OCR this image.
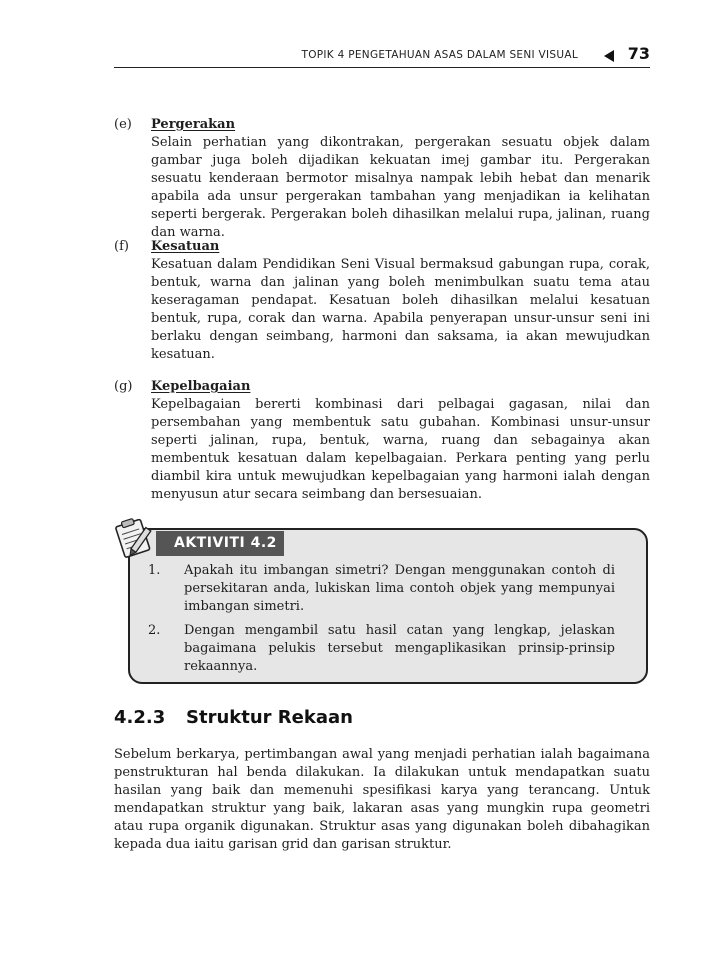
TOPIK 4 PENGETAHUAN ASAS DALAM SENI VISUAL	73
(e) Pergerakan
Selain perhatian yang dikontrakan, pergerakan sesuatu objek dalam gambar juga boleh dijadikan kekuatan imej gambar itu. Pergerakan sesuatu kenderaan bermotor misalnya nampak lebih hebat dan menarik apabila ada unsur pergerakan tambahan yang menjadikan ia kelihatan seperti bergerak. Pergerakan boleh dihasilkan melalui rupa, jalinan, ruang dan warna.
(f) Kesatuan
Kesatuan dalam Pendidikan Seni Visual bermaksud gabungan rupa, corak, bentuk, warna dan jalinan yang boleh menimbulkan suatu tema atau keseragaman pendapat. Kesatuan boleh dihasilkan melalui kesatuan bentuk, rupa, corak dan warna. Apabila penyerapan unsur-unsur seni ini berlaku dengan seimbang, harmoni dan saksama, ia akan mewujudkan kesatuan.
(g) Kepelbagaian
Kepelbagaian bererti kombinasi dari pelbagai gagasan, nilai dan persembahan yang membentuk satu gubahan. Kombinasi unsur-unsur seperti jalinan, rupa, bentuk, warna, ruang dan sebagainya akan membentuk kesatuan dalam kepelbagaian. Perkara penting yang perlu diambil kira untuk mewujudkan kepelbagaian yang harmoni ialah dengan menyusun atur secara seimbang dan bersesuaian.
AKTIVITI 4.2
1. Apakah itu imbangan simetri? Dengan menggunakan contoh di persekitaran anda, lukiskan lima contoh objek yang mempunyai imbangan simetri.
2. Dengan mengambil satu hasil catan yang lengkap, jelaskan bagaimana pelukis tersebut mengaplikasikan prinsip-prinsip rekaannya.
4.2.3 Struktur Rekaan
Sebelum berkarya, pertimbangan awal yang menjadi perhatian ialah bagaimana penstrukturan hal benda dilakukan. Ia dilakukan untuk mendapatkan suatu hasilan yang baik dan memenuhi spesifikasi karya yang terancang. Untuk mendapatkan struktur yang baik, lakaran asas yang mungkin rupa geometri atau rupa organik digunakan. Struktur asas yang digunakan boleh dibahagikan kepada dua iaitu garisan grid dan garisan struktur.
